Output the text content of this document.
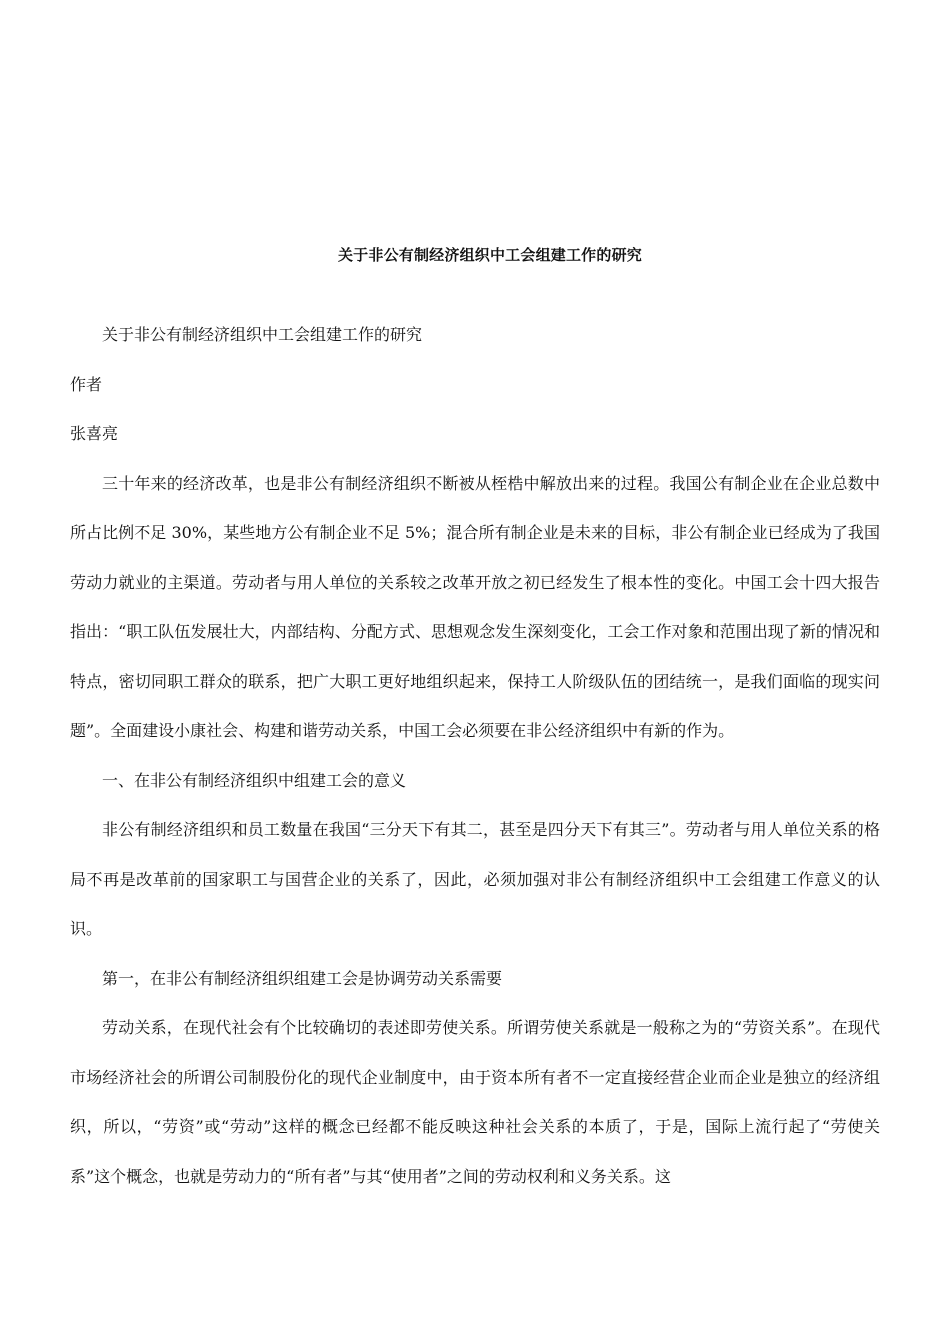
关于非公有制经济组织中工会组建工作的研究

关于非公有制经济组织中工会组建工作的研究

作者

张喜亮

三十年来的经济改革，也是非公有制经济组织不断被从桎梏中解放出来的过程。我国公有制企业在企业总数中所占比例不足 30%，某些地方公有制企业不足 5%；混合所有制企业是未来的目标，非公有制企业已经成为了我国劳动力就业的主渠道。劳动者与用人单位的关系较之改革开放之初已经发生了根本性的变化。中国工会十四大报告指出：“职工队伍发展壮大，内部结构、分配方式、思想观念发生深刻变化，工会工作对象和范围出现了新的情况和特点，密切同职工群众的联系，把广大职工更好地组织起来，保持工人阶级队伍的团结统一，是我们面临的现实问题”。全面建设小康社会、构建和谐劳动关系，中国工会必须要在非公经济组织中有新的作为。

一、在非公有制经济组织中组建工会的意义

非公有制经济组织和员工数量在我国“三分天下有其二，甚至是四分天下有其三”。劳动者与用人单位关系的格局不再是改革前的国家职工与国营企业的关系了，因此，必须加强对非公有制经济组织中工会组建工作意义的认识。

第一，在非公有制经济组织组建工会是协调劳动关系需要

劳动关系，在现代社会有个比较确切的表述即劳使关系。所谓劳使关系就是一般称之为的“劳资关系”。在现代市场经济社会的所谓公司制股份化的现代企业制度中，由于资本所有者不一定直接经营企业而企业是独立的经济组织，所以，“劳资”或“劳动”这样的概念已经都不能反映这种社会关系的本质了，于是，国际上流行起了“劳使关系”这个概念，也就是劳动力的“所有者”与其“使用者”之间的劳动权利和义务关系。这
